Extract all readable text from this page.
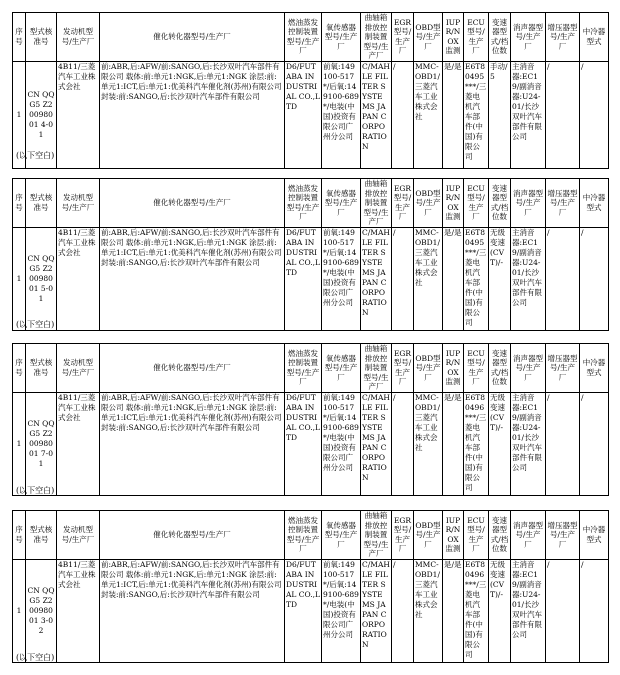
序号	型式核准号	发动机型号/生产厂	催化转化器型号/生产厂	燃油蒸发控制装置型号/生产厂	氧传感器型号/生产厂	曲轴箱排放控制装置型号/生产厂	EGR型号/生产厂	OBD型号/生产厂	IUPR/NOX监测	ECU型号/生产厂	变速器型式/档位数	消声器型号/生产厂	增压器型号/生产厂	中冷器型式
1	CN QQ G5 Z2 0098001 4-01	4B11/三菱汽车工业株式会社	前:ABR,后:AFW/前:SANGO,后:长沙双叶汽车部件有限公司 载体:前:单元1:NGK,后:单元1:NGK 涂层:前:单元1:ICT,后:单元1:优美科汽车催化剂(苏州)有限公司 封装:前:SANGO,后:长沙双叶汽车部件有限公司	D6/FUTABA INDUSTRIAL CO.,LTD	前氧:149100-517*/后氧:149100-689*/电装(中国)投资有限公司广州分公司	C/MAHLE FILTER SYSTEMS JAPAN CORPORATION	/	MMC-OBD1/三菱汽车工业株式会社	是/是	E6T80495***/三菱电机汽车部件(中国)有限公司	手动/5	主消音器:EC19/副消音器:U24-01/长沙双叶汽车部件有限公司	/	/
(以下空白)
序号	型式核准号	发动机型号/生产厂	催化转化器型号/生产厂	燃油蒸发控制装置型号/生产厂	氧传感器型号/生产厂	曲轴箱排放控制装置型号/生产厂	EGR型号/生产厂	OBD型号/生产厂	IUPR/NOX监测	ECU型号/生产厂	变速器型式/档位数	消声器型号/生产厂	增压器型号/生产厂	中冷器型式
1	CN QQ G5 Z2 0098001 5-01	4B11/三菱汽车工业株式会社	前:ABR,后:AFW/前:SANGO,后:长沙双叶汽车部件有限公司 载体:前:单元1:NGK,后:单元1:NGK 涂层:前:单元1:ICT,后:单元1:优美科汽车催化剂(苏州)有限公司 封装:前:SANGO,后:长沙双叶汽车部件有限公司	D6/FUTABA INDUSTRIAL CO.,LTD	前氧:149100-517*/后氧:149100-689*/电装(中国)投资有限公司广州分公司	C/MAHLE FILTER SYSTEMS JAPAN CORPORATION	/	MMC-OBD1/三菱汽车工业株式会社	是/是	E6T80495***/三菱电机汽车部件(中国)有限公司	无级变速(CVT)/-	主消音器:EC19/副消音器:U24-01/长沙双叶汽车部件有限公司	/	/
(以下空白)
序号	型式核准号	发动机型号/生产厂	催化转化器型号/生产厂	燃油蒸发控制装置型号/生产厂	氧传感器型号/生产厂	曲轴箱排放控制装置型号/生产厂	EGR型号/生产厂	OBD型号/生产厂	IUPR/NOX监测	ECU型号/生产厂	变速器型式/档位数	消声器型号/生产厂	增压器型号/生产厂	中冷器型式
1	CN QQ G5 Z2 0098001 7-01	4B11/三菱汽车工业株式会社	前:ABR,后:AFW/前:SANGO,后:长沙双叶汽车部件有限公司 载体:前:单元1:NGK,后:单元1:NGK 涂层:前:单元1:ICT,后:单元1:优美科汽车催化剂(苏州)有限公司 封装:前:SANGO,后:长沙双叶汽车部件有限公司	D6/FUTABA INDUSTRIAL CO.,LTD	前氧:149100-517*/后氧:149100-689*/电装(中国)投资有限公司广州分公司	C/MAHLE FILTER SYSTEMS JAPAN CORPORATION	/	MMC-OBD1/三菱汽车工业株式会社	是/是	E6T80496***/三菱电机汽车部件(中国)有限公司	无级变速(CVT)/-	主消音器:EC19/副消音器:U24-01/长沙双叶汽车部件有限公司	/	/
(以下空白)
序号	型式核准号	发动机型号/生产厂	催化转化器型号/生产厂	燃油蒸发控制装置型号/生产厂	氧传感器型号/生产厂	曲轴箱排放控制装置型号/生产厂	EGR型号/生产厂	OBD型号/生产厂	IUPR/NOX监测	ECU型号/生产厂	变速器型式/档位数	消声器型号/生产厂	增压器型号/生产厂	中冷器型式
1	CN QQ G5 Z2 0098001 3-02	4B11/三菱汽车工业株式会社	前:ABR,后:AFW/前:SANGO,后:长沙双叶汽车部件有限公司 载体:前:单元1:NGK,后:单元1:NGK 涂层:前:单元1:ICT,后:单元1:优美科汽车催化剂(苏州)有限公司 封装:前:SANGO,后:长沙双叶汽车部件有限公司	D6/FUTABA INDUSTRIAL CO.,LTD	前氧:149100-517*/后氧:149100-689*/电装(中国)投资有限公司广州分公司	C/MAHLE FILTER SYSTEMS JAPAN CORPORATION	/	MMC-OBD1/三菱汽车工业株式会社	是/是	E6T80496***/三菱电机汽车部件(中国)有限公司	无级变速(CVT)/-	主消音器:EC19/副消音器:U24-01/长沙双叶汽车部件有限公司	/	/
(以下空白)
